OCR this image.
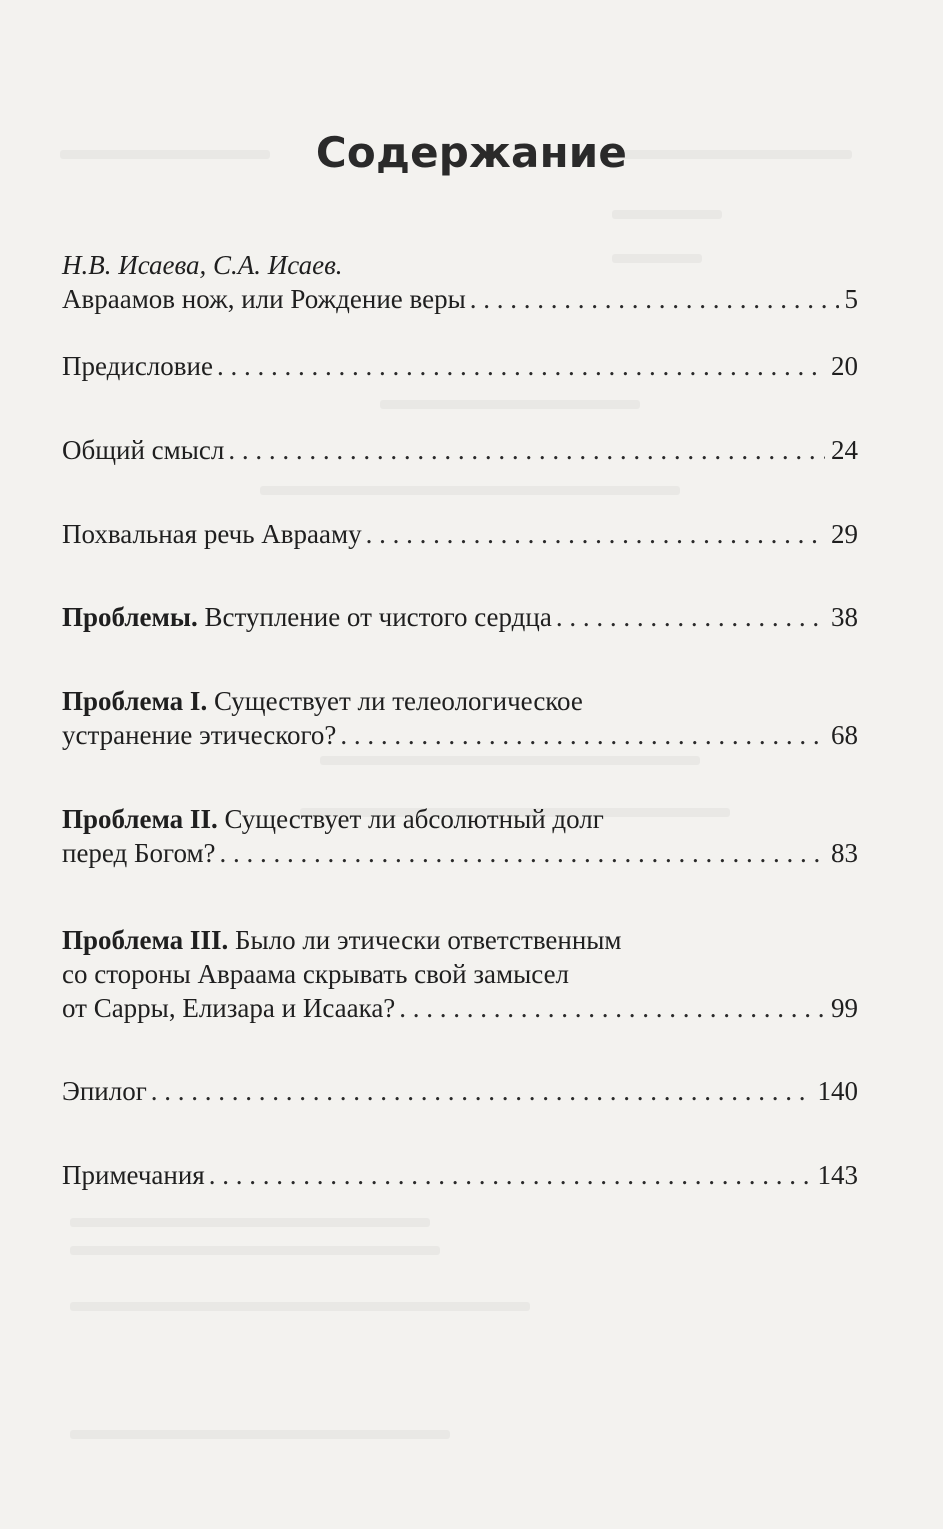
Содержание
Н.В. Исаева, С.А. Исаев.
Авраамов нож, или Рождение веры . . .	5
Предисловие . . .	20
Общий смысл . . .	24
Похвальная речь Аврааму . . .	29
Проблемы. Вступление от чистого сердца . . .	38
Проблема I. Существует ли телеологическое
устранение этического? . . .	68
Проблема II. Существует ли абсолютный долг
перед Богом? . . .	83
Проблема III. Было ли этически ответственным
со стороны Авраама скрывать свой замысел
от Сарры, Елизара и Исаака? . . .	99
Эпилог . . .	140
Примечания . . .	143
